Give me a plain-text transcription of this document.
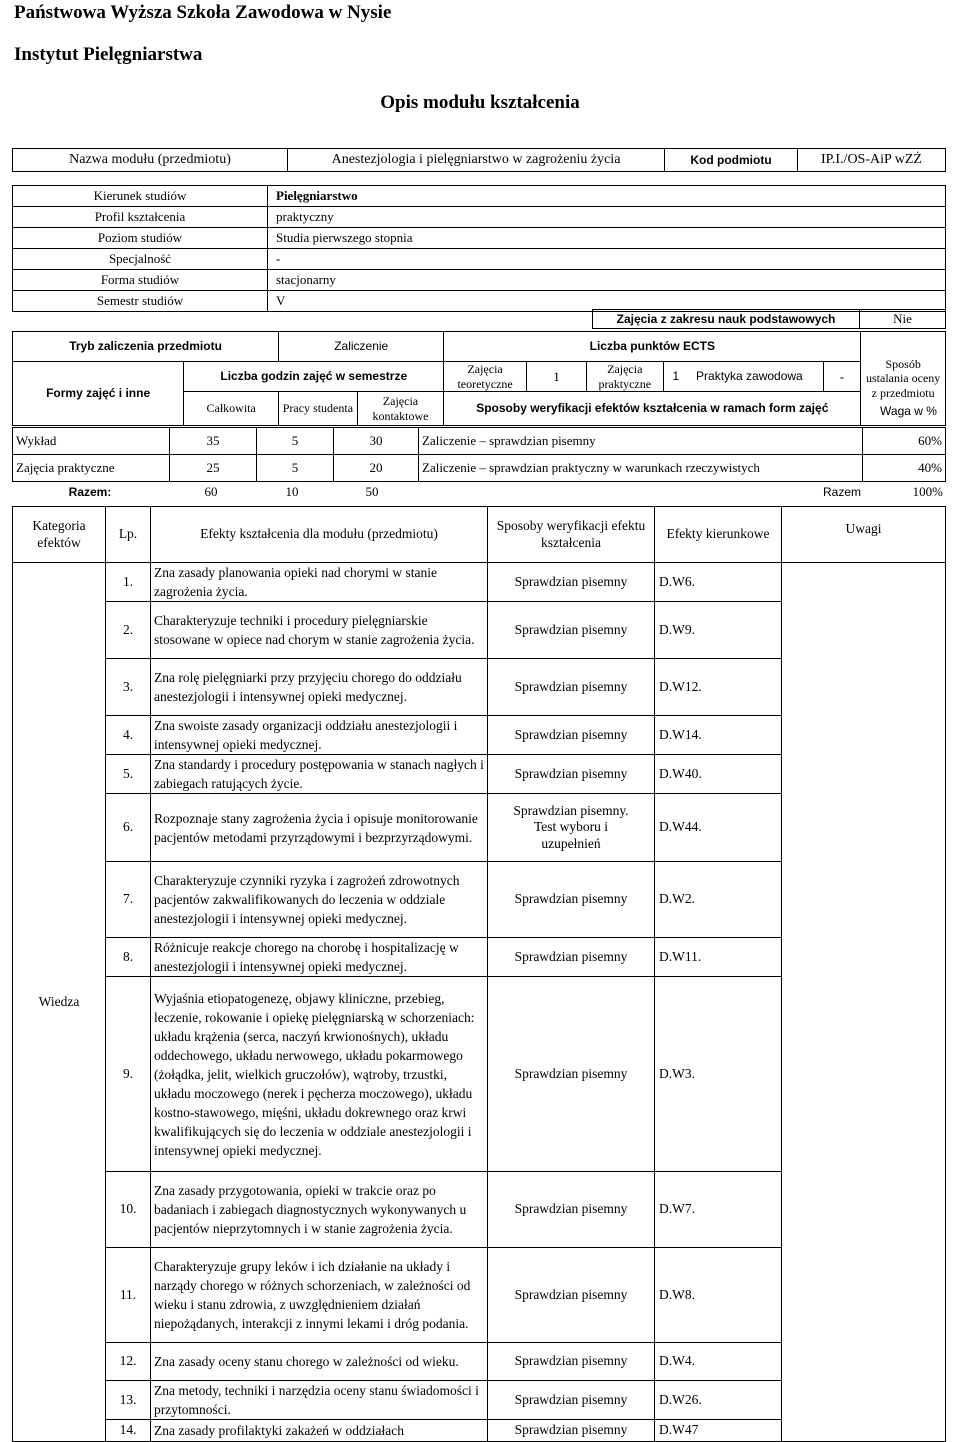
Państwowa Wyższa Szkoła Zawodowa w Nysie
Instytut Pielęgniarstwa
Opis modułu kształcenia
Nazwa modułu (przedmiotu)	Anestezjologia i pielęgniarstwo w zagrożeniu życia	Kod podmiotu	IP.I./OS-AiP wZŻ
Kierunek studiów	Pielęgniarstwo
Profil kształcenia	praktyczny
Poziom studiów	Studia pierwszego stopnia
Specjalność	-
Forma studiów	stacjonarny
Semestr studiów	V
Zajęcia z zakresu nauk podstawowych	Nie
Tryb zaliczenia przedmiotu		Zaliczenie		Liczba punktów ECTS					Sposób ustalania oceny z przedmiotu
Formy zajęć i inne	Liczba godzin zajęć w semestrze			Zajęcia teoretyczne	1	Zajęcia praktyczne	1 Praktyka zawodowa	-	
	Całkowita	Pracy studenta	Zajęcia kontaktowe	Sposoby weryfikacji efektów kształcenia w ramach form zajęć						Waga w %
Wykład	35	5	30	Zaliczenie – sprawdzian pisemny	60%
Zajęcia praktyczne	25	5	20	Zaliczenie – sprawdzian praktyczny w warunkach rzeczywistych	40%
Razem:	60	10	50	Razem	100%
Kategoria efektów	Lp.	Efekty kształcenia dla modułu (przedmiotu)	Sposoby weryfikacji efektu kształcenia	Efekty kierunkowe	Uwagi
Wiedza	1.	Zna zasady planowania opieki nad chorymi w stanie zagrożenia życia.	Sprawdzian pisemny	D.W6.	
	2.	Charakteryzuje techniki i procedury pielęgniarskie stosowane w opiece nad chorym w stanie zagrożenia życia.	Sprawdzian pisemny	D.W9.	
	3.	Zna rolę pielęgniarki przy przyjęciu chorego do oddziału anestezjologii i intensywnej opieki medycznej.	Sprawdzian pisemny	D.W12.	
	4.	Zna swoiste zasady organizacji oddziału anestezjologii i intensywnej opieki medycznej.	Sprawdzian pisemny	D.W14.	
	5.	Zna standardy i procedury postępowania w stanach nagłych i zabiegach ratujących życie.	Sprawdzian pisemny	D.W40.	
	6.	Rozpoznaje stany zagrożenia życia i opisuje monitorowanie pacjentów metodami przyrządowymi i bezprzyrządowymi.	Sprawdzian pisemny. Test wyboru i uzupełnień	D.W44.	
	7.	Charakteryzuje czynniki ryzyka i zagrożeń zdrowotnych pacjentów zakwalifikowanych do leczenia w oddziale anestezjologii i intensywnej opieki medycznej.	Sprawdzian pisemny	D.W2.	
	8.	Różnicuje reakcje chorego na chorobę i hospitalizację w anestezjologii i intensywnej opieki medycznej.	Sprawdzian pisemny	D.W11.	
	9.	Wyjaśnia etiopatogenezę, objawy kliniczne, przebieg, leczenie, rokowanie i opiekę pielęgniarską w schorzeniach: układu krążenia (serca, naczyń krwionośnych), układu oddechowego, układu nerwowego, układu pokarmowego (żołądka, jelit, wielkich gruczołów), wątroby, trzustki, układu moczowego (nerek i pęcherza moczowego), układu kostno-stawowego, mięśni, układu dokrewnego oraz krwi kwalifikujących się do leczenia w oddziale anestezjologii i intensywnej opieki medycznej.	Sprawdzian pisemny	D.W3.	
	10.	Zna zasady przygotowania, opieki w trakcie oraz po badaniach i zabiegach diagnostycznych wykonywanych u pacjentów nieprzytomnych i w stanie zagrożenia życia.	Sprawdzian pisemny	D.W7.	
	11.	Charakteryzuje grupy leków i ich działanie na układy i narządy chorego w różnych schorzeniach, w zależności od wieku i stanu zdrowia, z uwzględnieniem działań niepożądanych, interakcji z innymi lekami i dróg podania.	Sprawdzian pisemny	D.W8.	
	12.	Zna zasady oceny stanu chorego w zależności od wieku.	Sprawdzian pisemny	D.W4.	
	13.	Zna metody, techniki i narzędzia oceny stanu świadomości i przytomności.	Sprawdzian pisemny	D.W26.	
	14.	Zna zasady profilaktyki zakażeń w oddziałach	Sprawdzian pisemny	D.W47	
